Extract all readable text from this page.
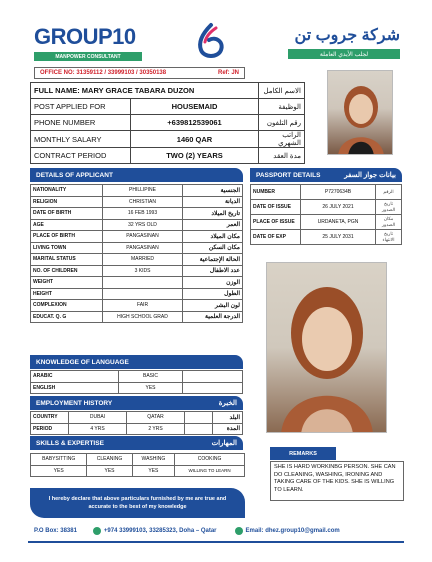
GROUP10
MANPOWER CONSULTANT
شركة جروب تن
لجلب الأيدي العاملة
OFFICE NO: 31359112 / 33999103 / 30350138	Ref: JN
FULL NAME: MARY GRACE TABARA DUZON		الاسم الكامل
POST APPLIED FOR	HOUSEMAID	الوظيفة
PHONE NUMBER	+639812539061	رقم التلفون
MONTHLY SALARY	1460 QAR	الراتب الشهري
CONTRACT PERIOD	TWO (2) YEARS	مدة العقد
DETAILS OF APPLICANT
NATIONALITY	PHILLIPINE	الجنسية
RELIGION	CHRISTIAN	الديانة
DATE OF BIRTH	16 FEB 1993	تاريخ الميلاد
AGE	32 YRS OLD	العمر
PLACE OF BIRTH	PANGASINAN	مكان الميلاد
LIVING TOWN	PANGASINAN	مكان السكن
MARITAL STATUS	MARRIED	الحالة الإجتماعية
NO. OF CHILDREN	3 KIDS	عدد الاطفال
WEIGHT		الوزن
HEIGHT		الطول
COMPLEXION	FAIR	لون البشر
EDUCAT. Q. G	HIGH SCHOOL GRAD	الدرجة العلمية
PASSPORT DETAILS	بيانات جواز السفر
NUMBER	P7270634B	الرقم
DATE OF ISSUE	26 JULY 2021	تاريخ الصدور
PLACE OF ISSUE	URDANETA, PGN	مكان الصدور
DATE OF EXP	25 JULY 2031	تاريخ الانتهاء
KNOWLEDGE OF LANGUAGE
ARABIC	BASIC	
ENGLISH	YES	
EMPLOYMENT HISTORY	الخبرة
COUNTRY	DUBAI	QATAR		البلد
PERIOD	4 YRS	2 YRS		المدة
SKILLS & EXPERTISE	المهارات
BABYSITTING	CLEANING	WASHING	COOKING
YES	YES	YES	WILLING TO LEARN
REMARKS
SHE IS HARD WORKINBG PERSON. SHE CAN DO CLEANING, WASHING, IRONING AND TAKING CARE OF THE KIDS. SHE IS WILLING TO LEARN.
I hereby declare that above particulars furnished by me are true and accurate to the best of my knowledge
P.O Box: 38381	+974 33999103, 33285323, Doha – Qatar	Email: dhez.group10@gmail.com
